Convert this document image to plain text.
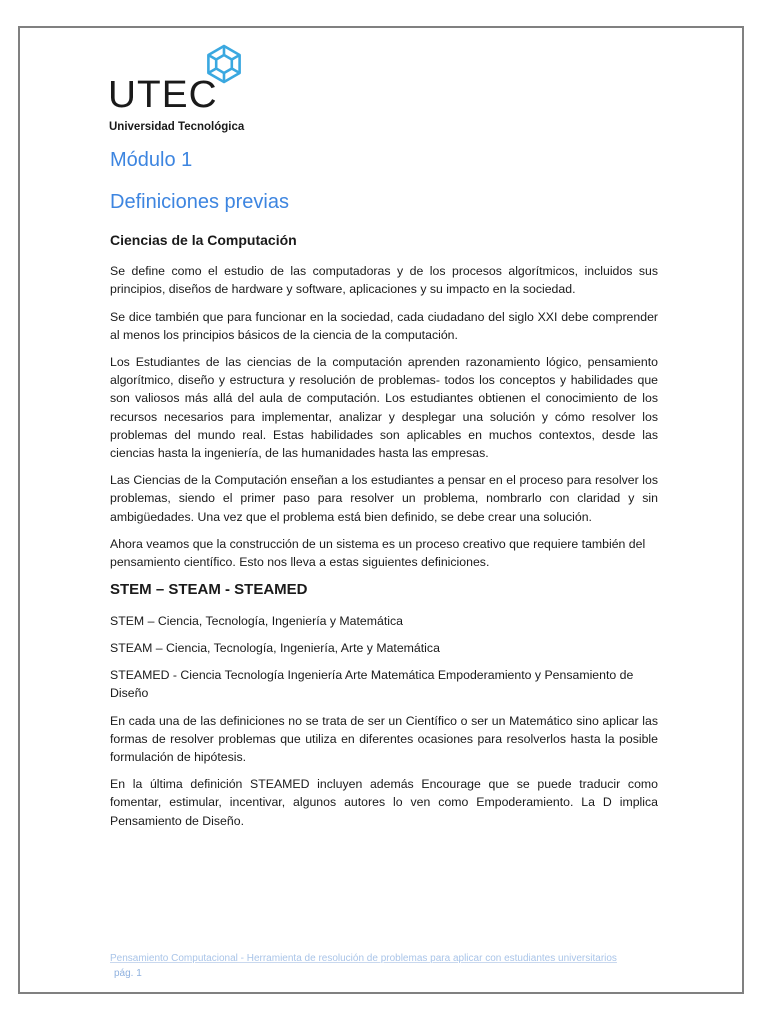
UTEC
Universidad Tecnológica
Módulo 1
Definiciones previas
Ciencias de la Computación

Se define como el estudio de las computadoras y de los procesos algorítmicos, incluidos sus principios, diseños de hardware y software, aplicaciones y su impacto en la sociedad.

Se dice también que para funcionar en la sociedad, cada ciudadano del siglo XXI debe comprender al menos los principios básicos de la ciencia de la computación.

Los Estudiantes de las ciencias de la computación aprenden razonamiento lógico, pensamiento algorítmico, diseño y estructura y resolución de problemas- todos los conceptos y habilidades que son valiosos más allá del aula de computación. Los estudiantes obtienen el conocimiento de los recursos necesarios para implementar, analizar y desplegar una solución y cómo resolver los problemas del mundo real. Estas habilidades son aplicables en muchos contextos, desde las ciencias hasta la ingeniería, de las humanidades hasta las empresas.

Las Ciencias de la Computación enseñan a los estudiantes a pensar en el proceso para resolver los problemas, siendo el primer paso para resolver un problema, nombrarlo con claridad y sin ambigüedades. Una vez que el problema está bien definido, se debe crear una solución.

Ahora veamos que la construcción de un sistema es un proceso creativo que requiere también del pensamiento científico. Esto nos lleva a estas siguientes definiciones.

STEM – STEAM - STEAMED

STEM – Ciencia, Tecnología, Ingeniería y Matemática

STEAM – Ciencia, Tecnología, Ingeniería, Arte y Matemática

STEAMED - Ciencia Tecnología Ingeniería Arte Matemática Empoderamiento y Pensamiento de Diseño

En cada una de las definiciones no se trata de ser un Científico o ser un Matemático sino aplicar las formas de resolver problemas que utiliza en diferentes ocasiones para resolverlos hasta la posible formulación de hipótesis.

En la última definición STEAMED incluyen además Encourage que se puede traducir como fomentar, estimular, incentivar, algunos autores lo ven como Empoderamiento. La D implica Pensamiento de Diseño.

Pensamiento Computacional - Herramienta de resolución de problemas para aplicar con estudiantes universitarios
pág. 1
